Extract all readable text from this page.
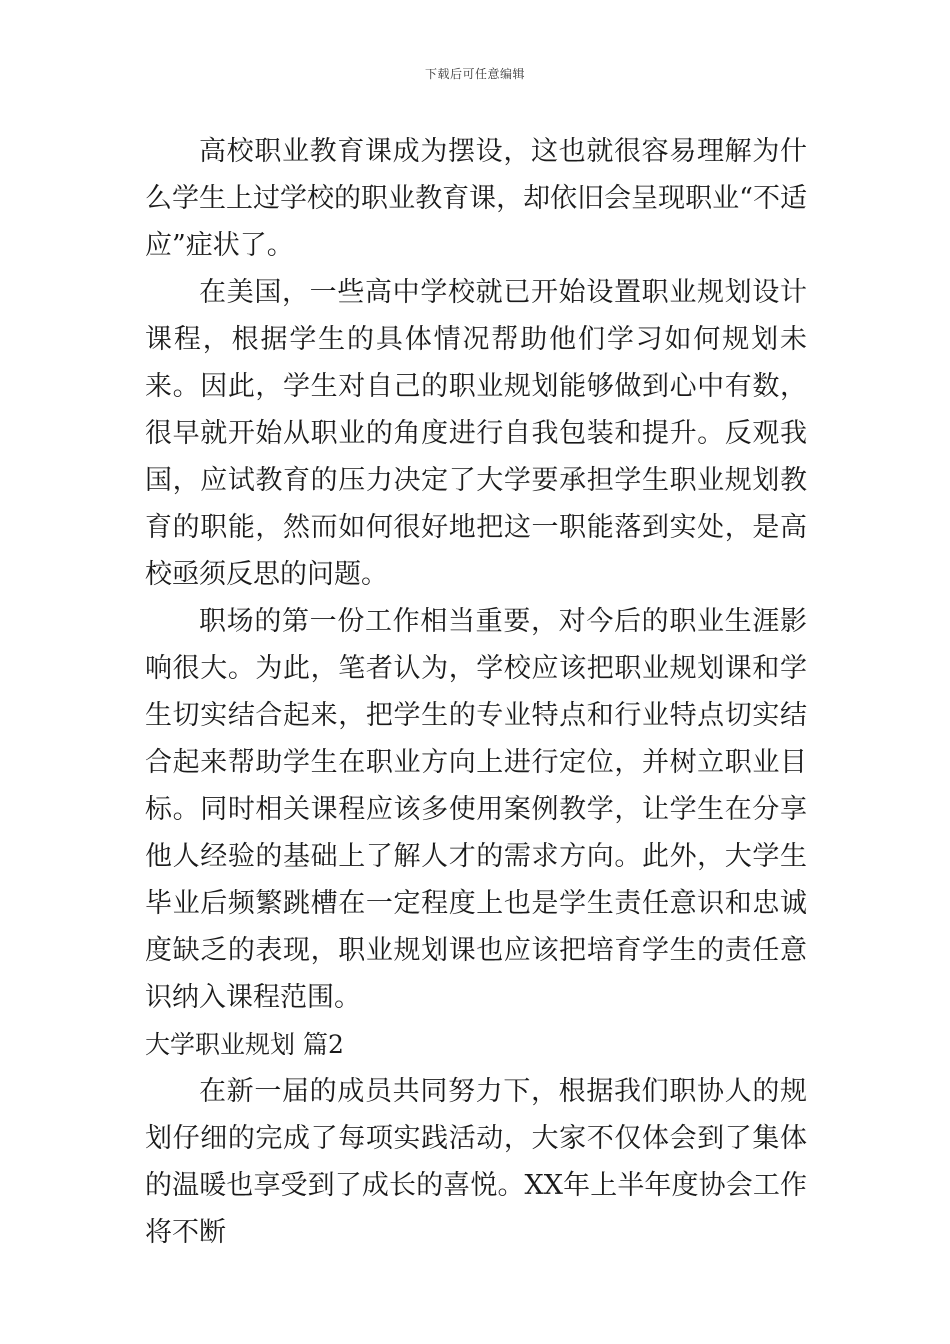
下载后可任意编辑

高校职业教育课成为摆设，这也就很容易理解为什么学生上过学校的职业教育课，却依旧会呈现职业“不适应”症状了。

在美国，一些高中学校就已开始设置职业规划设计课程，根据学生的具体情况帮助他们学习如何规划未来。因此，学生对自己的职业规划能够做到心中有数，很早就开始从职业的角度进行自我包装和提升。反观我国，应试教育的压力决定了大学要承担学生职业规划教育的职能，然而如何很好地把这一职能落到实处，是高校亟须反思的问题。

职场的第一份工作相当重要，对今后的职业生涯影响很大。为此，笔者认为，学校应该把职业规划课和学生切实结合起来，把学生的专业特点和行业特点切实结合起来帮助学生在职业方向上进行定位，并树立职业目标。同时相关课程应该多使用案例教学，让学生在分享他人经验的基础上了解人才的需求方向。此外，大学生毕业后频繁跳槽在一定程度上也是学生责任意识和忠诚度缺乏的表现，职业规划课也应该把培育学生的责任意识纳入课程范围。

大学职业规划 篇2

在新一届的成员共同努力下，根据我们职协人的规划仔细的完成了每项实践活动，大家不仅体会到了集体的温暖也享受到了成长的喜悦。XX年上半年度协会工作将不断
